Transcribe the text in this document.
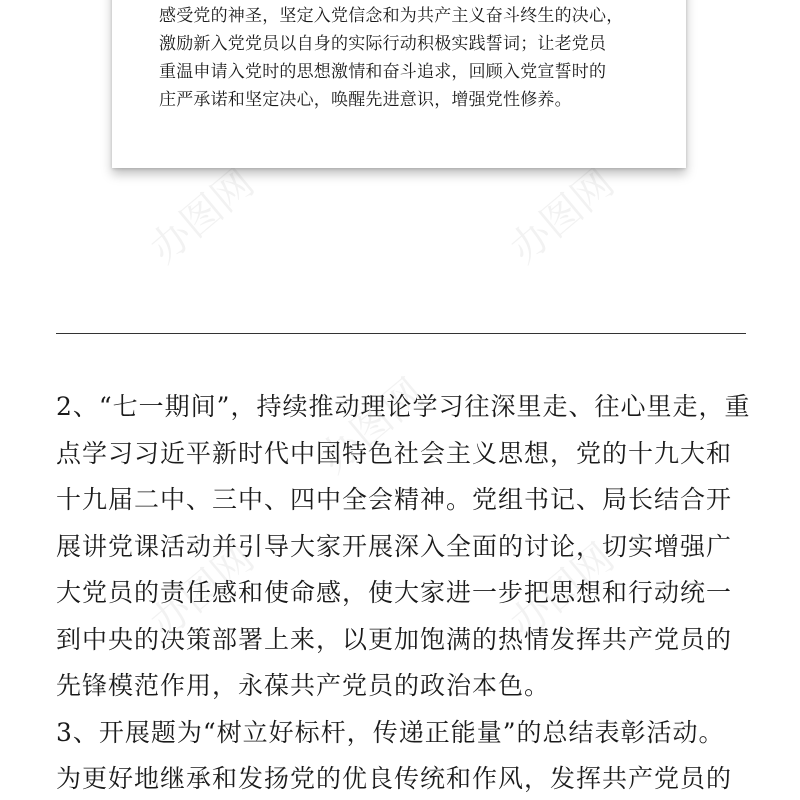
办图网	办图网
办图网
办图网	办图网

感受党的神圣，坚定入党信念和为共产主义奋斗终生的决心，

激励新入党党员以自身的实际行动积极实践誓词；让老党员

重温申请入党时的思想激情和奋斗追求，回顾入党宣誓时的

庄严承诺和坚定决心，唤醒先进意识，增强党性修养。

2、“七一期间”，持续推动理论学习往深里走、往心里走，重

点学习习近平新时代中国特色社会主义思想，党的十九大和

十九届二中、三中、四中全会精神。党组书记、局长结合开

展讲党课活动并引导大家开展深入全面的讨论，切实增强广

大党员的责任感和使命感，使大家进一步把思想和行动统一

到中央的决策部署上来，以更加饱满的热情发挥共产党员的

先锋模范作用，永葆共产党员的政治本色。

3、开展题为“树立好标杆，传递正能量”的总结表彰活动。

为更好地继承和发扬党的优良传统和作风，发挥共产党员的
